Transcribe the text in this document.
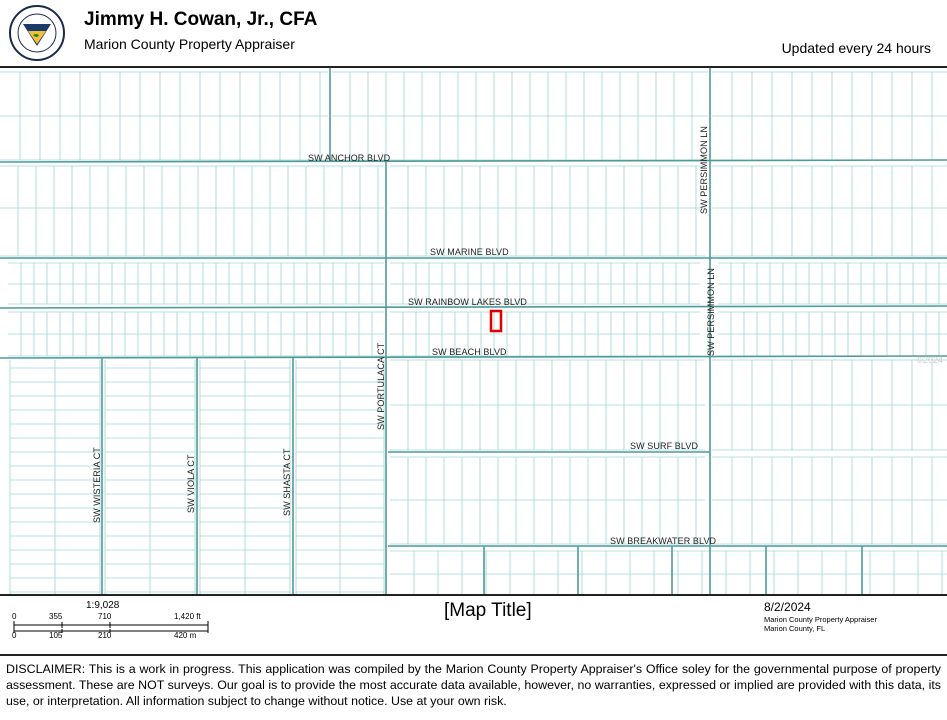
Jimmy H. Cowan, Jr., CFA
Marion County Property Appraiser	Updated every 24 hours
SW ANCHOR BLVD
SW MARINE BLVD
SW RAINBOW LAKES BLVD
SW BEACH BLVD
SW SURF BLVD
SW BREAKWATER BLVD
SW PERSIMMON LN
SW PERSIMMON LN
SW PORTULACA CT
SW WISTERIA CT	SW VIOLA CT	SW SHASTA CT
©2024
1:9,028
0	355	710	1,420 ft
0	105	210	420 m
[Map Title]	8/2/2024
Marion County Property Appraiser
Marion County, FL
DISCLAIMER: This is a work in progress. This application was compiled by the Marion County Property Appraiser's Office soley for the governmental purpose of property assessment. These are NOT surveys. Our goal is to provide the most accurate data available, however, no warranties, expressed or implied are provided with this data, its use, or interpretation. All information subject to change without notice. Use at your own risk.
